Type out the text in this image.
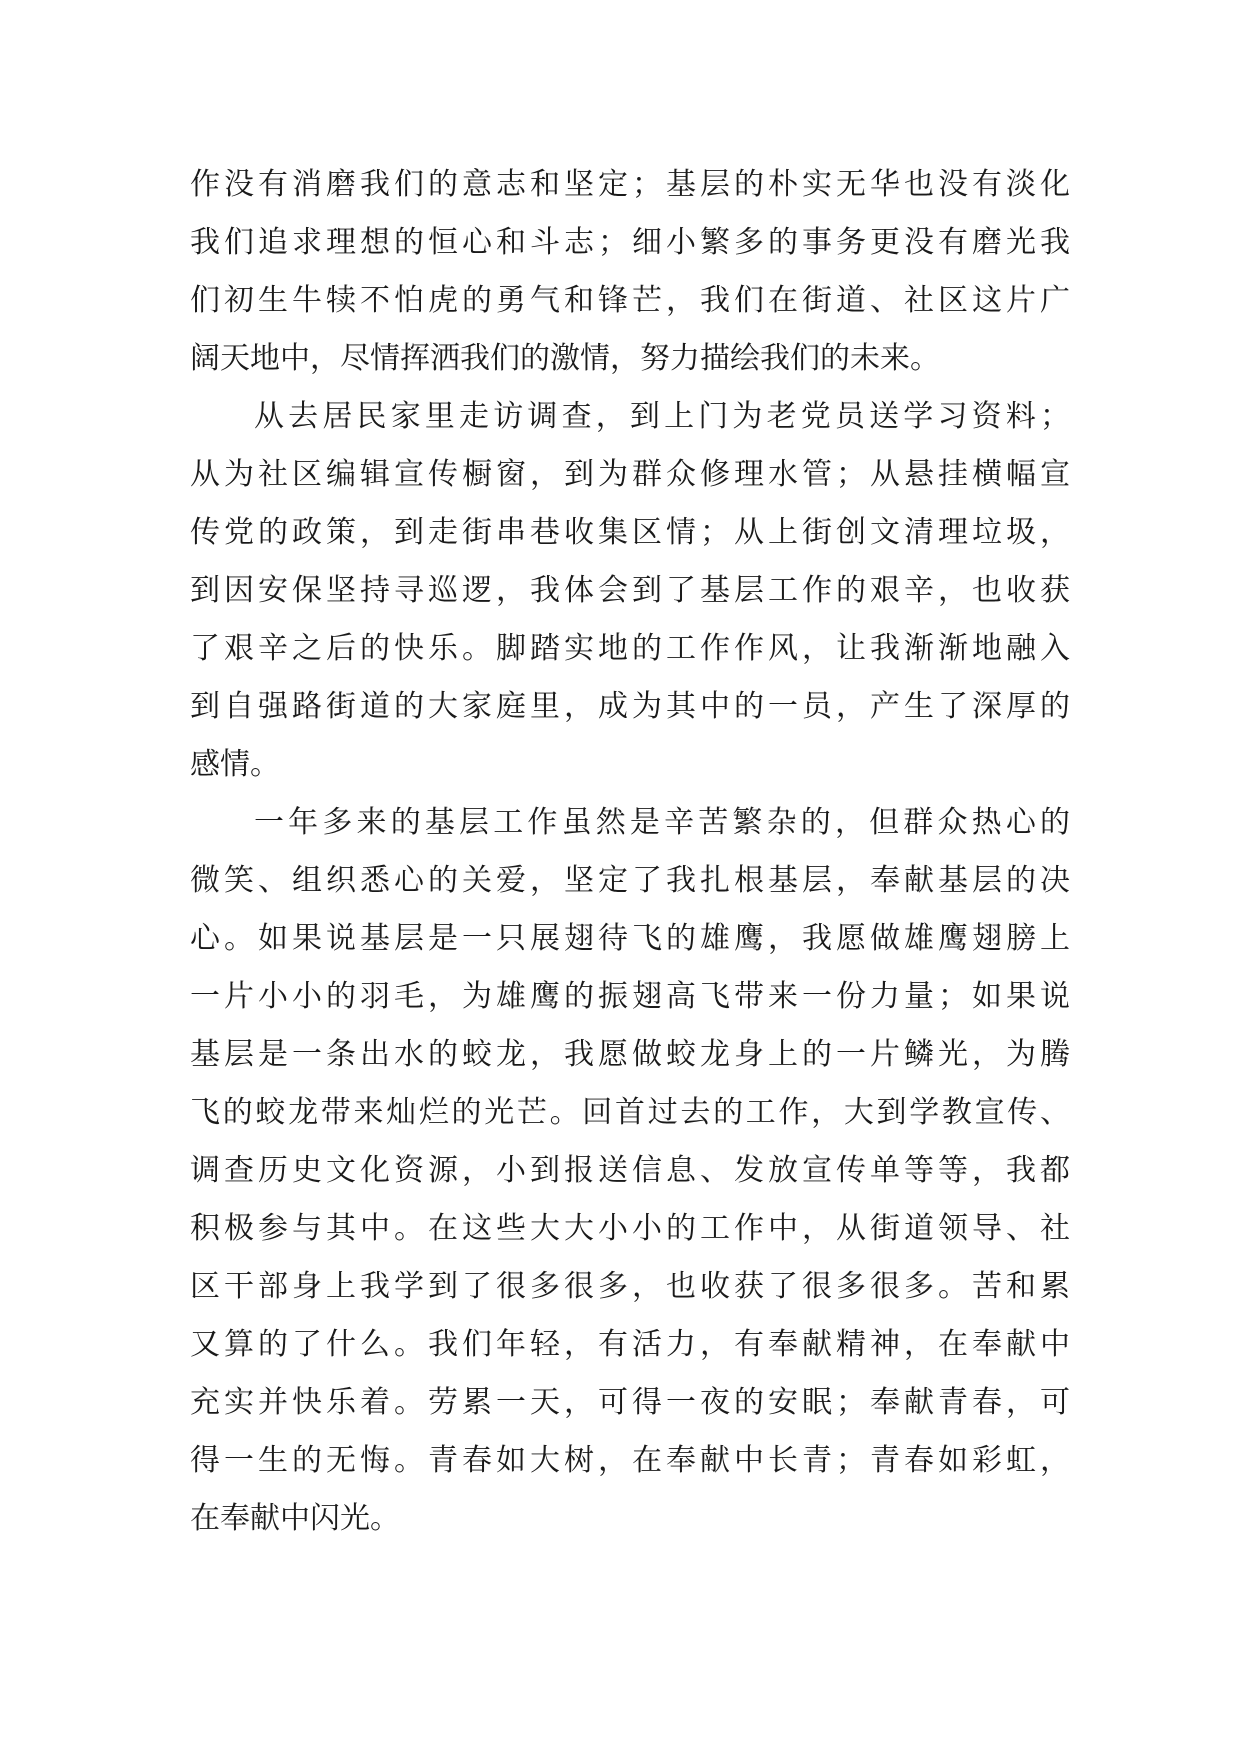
作没有消磨我们的意志和坚定；基层的朴实无华也没有淡化
我们追求理想的恒心和斗志；细小繁多的事务更没有磨光我
们初生牛犊不怕虎的勇气和锋芒，我们在街道、社区这片广
阔天地中，尽情挥洒我们的激情，努力描绘我们的未来。
从去居民家里走访调查，到上门为老党员送学习资料；
从为社区编辑宣传橱窗，到为群众修理水管；从悬挂横幅宣
传党的政策，到走街串巷收集区情；从上街创文清理垃圾，
到因安保坚持寻巡逻，我体会到了基层工作的艰辛，也收获
了艰辛之后的快乐。脚踏实地的工作作风，让我渐渐地融入
到自强路街道的大家庭里，成为其中的一员，产生了深厚的
感情。
一年多来的基层工作虽然是辛苦繁杂的，但群众热心的
微笑、组织悉心的关爱，坚定了我扎根基层，奉献基层的决
心。如果说基层是一只展翅待飞的雄鹰，我愿做雄鹰翅膀上
一片小小的羽毛，为雄鹰的振翅高飞带来一份力量；如果说
基层是一条出水的蛟龙，我愿做蛟龙身上的一片鳞光，为腾
飞的蛟龙带来灿烂的光芒。回首过去的工作，大到学教宣传、
调查历史文化资源，小到报送信息、发放宣传单等等，我都
积极参与其中。在这些大大小小的工作中，从街道领导、社
区干部身上我学到了很多很多，也收获了很多很多。苦和累
又算的了什么。我们年轻，有活力，有奉献精神，在奉献中
充实并快乐着。劳累一天，可得一夜的安眠；奉献青春，可
得一生的无悔。青春如大树，在奉献中长青；青春如彩虹，
在奉献中闪光。
